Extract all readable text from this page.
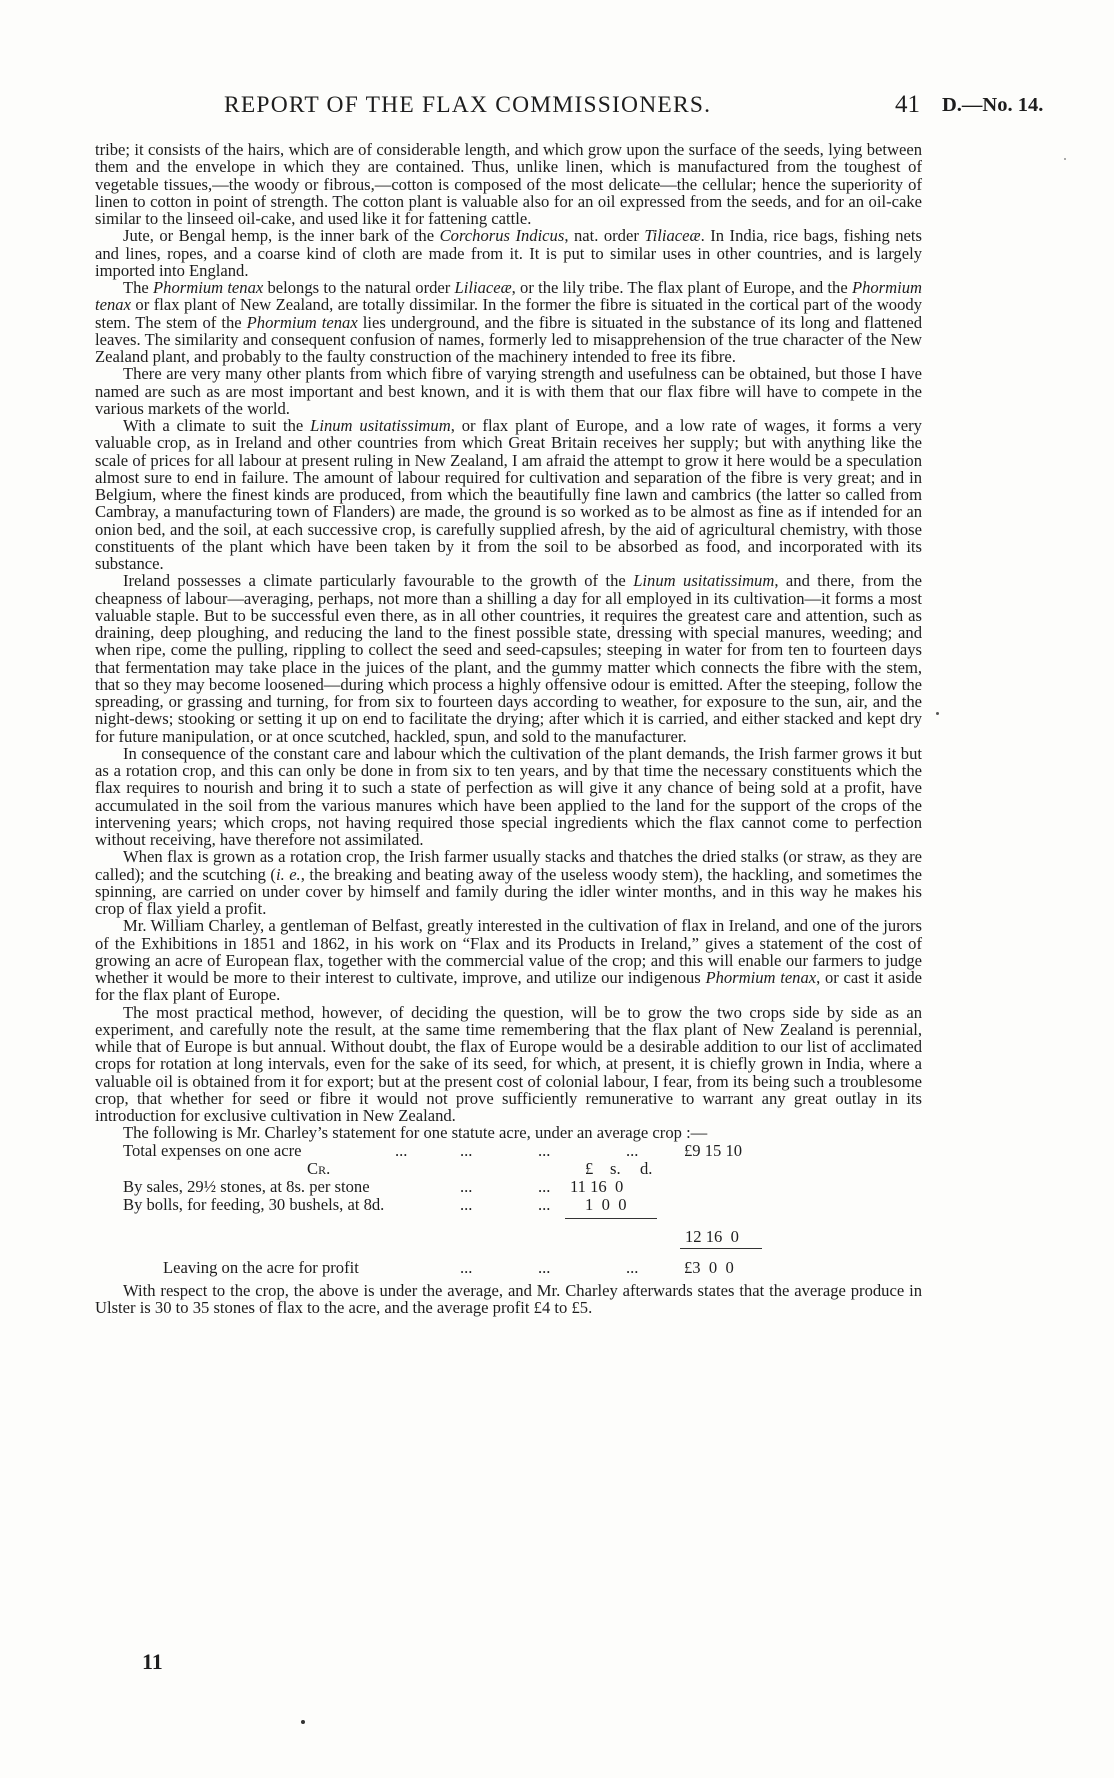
REPORT OF THE FLAX COMMISSIONERS.	41 D.—No. 14.

tribe; it consists of the hairs, which are of considerable length, and which grow upon the surface of the seeds, lying between them and the envelope in which they are contained. Thus, unlike linen, which is manufactured from the toughest of vegetable tissues,—the woody or fibrous,—cotton is composed of the most delicate—the cellular; hence the superiority of linen to cotton in point of strength. The cotton plant is valuable also for an oil expressed from the seeds, and for an oil-cake similar to the linseed oil-cake, and used like it for fattening cattle.

Jute, or Bengal hemp, is the inner bark of the Corchorus Indicus, nat. order Tiliaceæ. In India, rice bags, fishing nets and lines, ropes, and a coarse kind of cloth are made from it. It is put to similar uses in other countries, and is largely imported into England.

The Phormium tenax belongs to the natural order Liliaceæ, or the lily tribe. The flax plant of Europe, and the Phormium tenax or flax plant of New Zealand, are totally dissimilar. In the former the fibre is situated in the cortical part of the woody stem. The stem of the Phormium tenax lies underground, and the fibre is situated in the substance of its long and flattened leaves. The similarity and consequent confusion of names, formerly led to misapprehension of the true character of the New Zealand plant, and probably to the faulty construction of the machinery intended to free its fibre.

There are very many other plants from which fibre of varying strength and usefulness can be obtained, but those I have named are such as are most important and best known, and it is with them that our flax fibre will have to compete in the various markets of the world.

With a climate to suit the Linum usitatissimum, or flax plant of Europe, and a low rate of wages, it forms a very valuable crop, as in Ireland and other countries from which Great Britain receives her supply; but with anything like the scale of prices for all labour at present ruling in New Zealand, I am afraid the attempt to grow it here would be a speculation almost sure to end in failure. The amount of labour required for cultivation and separation of the fibre is very great; and in Belgium, where the finest kinds are produced, from which the beautifully fine lawn and cambrics (the latter so called from Cambray, a manufacturing town of Flanders) are made, the ground is so worked as to be almost as fine as if intended for an onion bed, and the soil, at each successive crop, is carefully supplied afresh, by the aid of agricultural chemistry, with those constituents of the plant which have been taken by it from the soil to be absorbed as food, and incorporated with its substance.

Ireland possesses a climate particularly favourable to the growth of the Linum usitatissimum, and there, from the cheapness of labour—averaging, perhaps, not more than a shilling a day for all employed in its cultivation—it forms a most valuable staple. But to be successful even there, as in all other countries, it requires the greatest care and attention, such as draining, deep ploughing, and reducing the land to the finest possible state, dressing with special manures, weeding; and when ripe, come the pulling, rippling to collect the seed and seed-capsules; steeping in water for from ten to fourteen days that fermentation may take place in the juices of the plant, and the gummy matter which connects the fibre with the stem, that so they may become loosened—during which process a highly offensive odour is emitted. After the steeping, follow the spreading, or grassing and turning, for from six to fourteen days according to weather, for exposure to the sun, air, and the night-dews; stooking or setting it up on end to facilitate the drying; after which it is carried, and either stacked and kept dry for future manipulation, or at once scutched, hackled, spun, and sold to the manufacturer.

In consequence of the constant care and labour which the cultivation of the plant demands, the Irish farmer grows it but as a rotation crop, and this can only be done in from six to ten years, and by that time the necessary constituents which the flax requires to nourish and bring it to such a state of perfection as will give it any chance of being sold at a profit, have accumulated in the soil from the various manures which have been applied to the land for the support of the crops of the intervening years; which crops, not having required those special ingredients which the flax cannot come to perfection without receiving, have therefore not assimilated.

When flax is grown as a rotation crop, the Irish farmer usually stacks and thatches the dried stalks (or straw, as they are called); and the scutching (i. e., the breaking and beating away of the useless woody stem), the hackling, and sometimes the spinning, are carried on under cover by himself and family during the idler winter months, and in this way he makes his crop of flax yield a profit.

Mr. William Charley, a gentleman of Belfast, greatly interested in the cultivation of flax in Ireland, and one of the jurors of the Exhibitions in 1851 and 1862, in his work on “Flax and its Products in Ireland,” gives a statement of the cost of growing an acre of European flax, together with the commercial value of the crop; and this will enable our farmers to judge whether it would be more to their interest to cultivate, improve, and utilize our indigenous Phormium tenax, or cast it aside for the flax plant of Europe.

The most practical method, however, of deciding the question, will be to grow the two crops side by side as an experiment, and carefully note the result, at the same time remembering that the flax plant of New Zealand is perennial, while that of Europe is but annual. Without doubt, the flax of Europe would be a desirable addition to our list of acclimated crops for rotation at long intervals, even for the sake of its seed, for which, at present, it is chiefly grown in India, where a valuable oil is obtained from it for export; but at the present cost of colonial labour, I fear, from its being such a troublesome crop, that whether for seed or fibre it would not prove sufficiently remunerative to warrant any great outlay in its introduction for exclusive cultivation in New Zealand.

The following is Mr. Charley’s statement for one statute acre, under an average crop :—

Total expenses on one acre	...	...	...	...	£9 15 10
Cr.	£ s. d.
By sales, 29½ stones, at 8s. per stone	...	... 11 16  0
By bolls, for feeding, 30 bushels, at 8d.	...	... 1  0  0
12 16  0
Leaving on the acre for profit	...	...	...	£3  0  0

With respect to the crop, the above is under the average, and Mr. Charley afterwards states that the average produce in Ulster is 30 to 35 stones of flax to the acre, and the average profit £4 to £5.

11
